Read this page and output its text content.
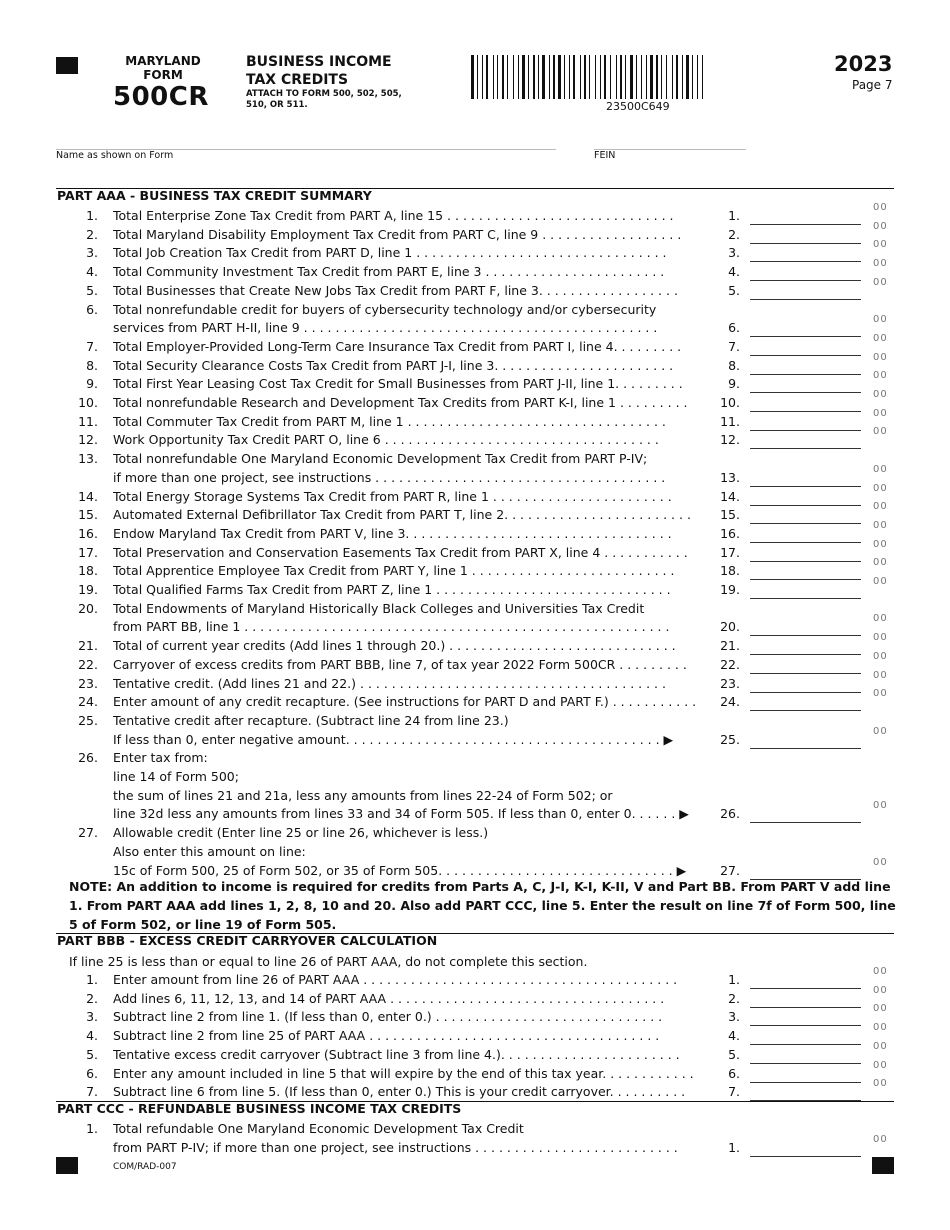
MARYLAND
FORM
500CR
BUSINESS INCOME
TAX CREDITS
ATTACH TO FORM 500, 502, 505,
510, OR 511.	23500C649
2023
Page 7
Name as shown on Form	FEIN
PART AAA - BUSINESS TAX CREDIT SUMMARY
1. Total Enterprise Zone Tax Credit from PART A, line 15 . . . . . . . . . . . . . . . . . . . . . . . . . . . . .	1.
00
2. Total Maryland Disability Employment Tax Credit from PART C, line 9 . . . . . . . . . . . . . . . . . .	2.
00
3. Total Job Creation Tax Credit from PART D, line 1 . . . . . . . . . . . . . . . . . . . . . . . . . . . . . . . .	3.
00
4. Total Community Investment Tax Credit from PART E, line 3 . . . . . . . . . . . . . . . . . . . . . . .	4.
00
5. Total Businesses that Create New Jobs Tax Credit from PART F, line 3. . . . . . . . . . . . . . . . . .	5.
00
6. Total nonrefundable credit for buyers of cybersecurity technology and/or cybersecurity
services from PART H-II, line 9 . . . . . . . . . . . . . . . . . . . . . . . . . . . . . . . . . . . . . . . . . . . . .	6.
00
7. Total Employer-Provided Long-Term Care Insurance Tax Credit from PART I, line 4. . . . . . . . .	7.
00
8. Total Security Clearance Costs Tax Credit from PART J-I, line 3. . . . . . . . . . . . . . . . . . . . . . .	8.
00
9. Total First Year Leasing Cost Tax Credit for Small Businesses from PART J-II, line 1. . . . . . . . .	9.
00
10. Total nonrefundable Research and Development Tax Credits from PART K-I, line 1 . . . . . . . . .	10.
00
11. Total Commuter Tax Credit from PART M, line 1 . . . . . . . . . . . . . . . . . . . . . . . . . . . . . . . . .	11.
00
12. Work Opportunity Tax Credit PART O, line 6 . . . . . . . . . . . . . . . . . . . . . . . . . . . . . . . . . . .	12.
00
13. Total nonrefundable One Maryland Economic Development Tax Credit from PART P-IV;
if more than one project, see instructions . . . . . . . . . . . . . . . . . . . . . . . . . . . . . . . . . . . . .	13.
00
14. Total Energy Storage Systems Tax Credit from PART R, line 1 . . . . . . . . . . . . . . . . . . . . . . .	14.
00
15. Automated External Defibrillator Tax Credit from PART T, line 2. . . . . . . . . . . . . . . . . . . . . . . .	15.
00
16. Endow Maryland Tax Credit from PART V, line 3. . . . . . . . . . . . . . . . . . . . . . . . . . . . . . . . . .	16.
00
17. Total Preservation and Conservation Easements Tax Credit from PART X, line 4 . . . . . . . . . . .	17.
00
18. Total Apprentice Employee Tax Credit from PART Y, line 1 . . . . . . . . . . . . . . . . . . . . . . . . . .	18.
00
19. Total Qualified Farms Tax Credit from PART Z, line 1 . . . . . . . . . . . . . . . . . . . . . . . . . . . . . .	19.
00
20. Total Endowments of Maryland Historically Black Colleges and Universities Tax Credit
from PART BB, line 1 . . . . . . . . . . . . . . . . . . . . . . . . . . . . . . . . . . . . . . . . . . . . . . . . . . . . . .	20.
00
21. Total of current year credits (Add lines 1 through 20.) . . . . . . . . . . . . . . . . . . . . . . . . . . . . .	21.
00
22. Carryover of excess credits from PART BBB, line 7, of tax year 2022 Form 500CR . . . . . . . . .	22.
00
23. Tentative credit. (Add lines 21 and 22.) . . . . . . . . . . . . . . . . . . . . . . . . . . . . . . . . . . . . . . .	23.
00
24. Enter amount of any credit recapture. (See instructions for PART D and PART F.) . . . . . . . . . . .	24.
00
25. Tentative credit after recapture. (Subtract line 24 from line 23.)
If less than 0, enter negative amount. . . . . . . . . . . . . . . . . . . . . . . . . . . . . . . . . . . . . . . . ▶	25.
00
26. Enter tax from:
line 14 of Form 500;
the sum of lines 21 and 21a, less any amounts from lines 22-24 of Form 502; or
line 32d less any amounts from lines 33 and 34 of Form 505. If less than 0, enter 0. . . . . . ▶	26.
00
27. Allowable credit (Enter line 25 or line 26, whichever is less.)
Also enter this amount on line:
15c of Form 500, 25 of Form 502, or 35 of Form 505. . . . . . . . . . . . . . . . . . . . . . . . . . . . . . ▶	27.
00
NOTE: An addition to income is required for credits from Parts A, C, J-I, K-I, K-II, V and Part BB. From PART V add line 1. From PART AAA add lines 1, 2, 8, 10 and 20. Also add PART CCC, line 5. Enter the result on line 7f of Form 500, line 5 of Form 502, or line 19 of Form 505.
PART BBB - EXCESS CREDIT CARRYOVER CALCULATION
If line 25 is less than or equal to line 26 of PART AAA, do not complete this section.
1. Enter amount from line 26 of PART AAA . . . . . . . . . . . . . . . . . . . . . . . . . . . . . . . . . . . . . . . .	1.
00
2. Add lines 6, 11, 12, 13, and 14 of PART AAA . . . . . . . . . . . . . . . . . . . . . . . . . . . . . . . . . . .	2.
00
3. Subtract line 2 from line 1. (If less than 0, enter 0.) . . . . . . . . . . . . . . . . . . . . . . . . . . . . .	3.
00
4. Subtract line 2 from line 25 of PART AAA . . . . . . . . . . . . . . . . . . . . . . . . . . . . . . . . . . . . .	4.
00
5. Tentative excess credit carryover (Subtract line 3 from line 4.). . . . . . . . . . . . . . . . . . . . . . .	5.
00
6. Enter any amount included in line 5 that will expire by the end of this tax year. . . . . . . . . . . .	6.
00
7. Subtract line 6 from line 5. (If less than 0, enter 0.) This is your credit carryover. . . . . . . . . .	7.
00
PART CCC - REFUNDABLE BUSINESS INCOME TAX CREDITS
1. Total refundable One Maryland Economic Development Tax Credit
from PART P-IV; if more than one project, see instructions . . . . . . . . . . . . . . . . . . . . . . . . . .	1.
00
COM/RAD-007
